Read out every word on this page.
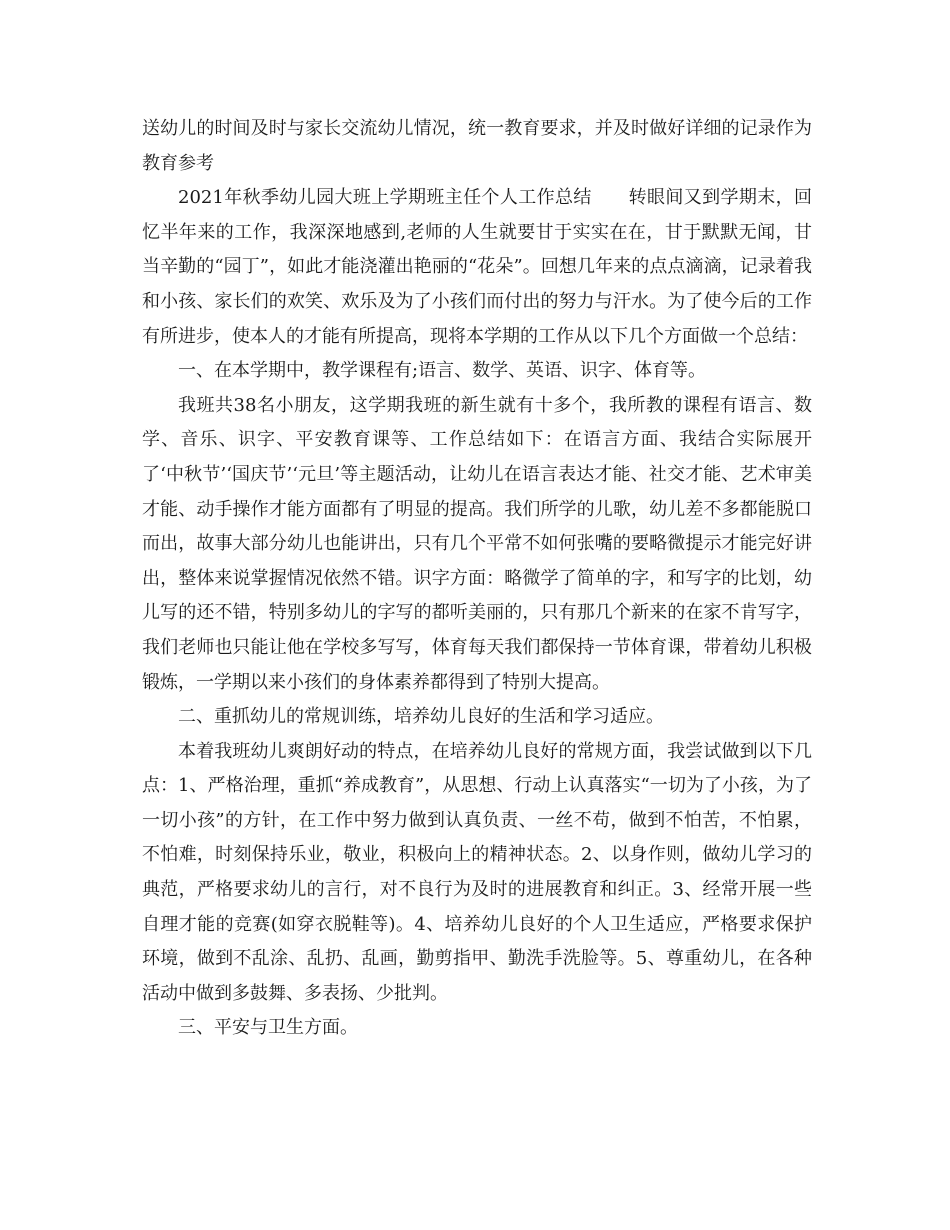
送幼儿的时间及时与家长交流幼儿情况，统一教育要求，并及时做好详细的记录作为教育参考

2021年秋季幼儿园大班上学期班主任个人工作总结　　转眼间又到学期末，回忆半年来的工作，我深深地感到,老师的人生就要甘于实实在在，甘于默默无闻，甘当辛勤的“园丁”，如此才能浇灌出艳丽的“花朵”。回想几年来的点点滴滴，记录着我和小孩、家长们的欢笑、欢乐及为了小孩们而付出的努力与汗水。为了使今后的工作有所进步，使本人的才能有所提高，现将本学期的工作从以下几个方面做一个总结：

一、在本学期中，教学课程有;语言、数学、英语、识字、体育等。

我班共38名小朋友，这学期我班的新生就有十多个，我所教的课程有语言、数学、音乐、识字、平安教育课等、工作总结如下：在语言方面、我结合实际展开了‘中秋节’‘国庆节’‘元旦’等主题活动，让幼儿在语言表达才能、社交才能、艺术审美才能、动手操作才能方面都有了明显的提高。我们所学的儿歌，幼儿差不多都能脱口而出，故事大部分幼儿也能讲出，只有几个平常不如何张嘴的要略微提示才能完好讲出，整体来说掌握情况依然不错。识字方面：略微学了简单的字，和写字的比划，幼儿写的还不错，特别多幼儿的字写的都听美丽的，只有那几个新来的在家不肯写字，我们老师也只能让他在学校多写写，体育每天我们都保持一节体育课，带着幼儿积极锻炼，一学期以来小孩们的身体素养都得到了特别大提高。

二、重抓幼儿的常规训练，培养幼儿良好的生活和学习适应。

本着我班幼儿爽朗好动的特点，在培养幼儿良好的常规方面，我尝试做到以下几点：1、严格治理，重抓“养成教育”，从思想、行动上认真落实“一切为了小孩，为了一切小孩”的方针，在工作中努力做到认真负责、一丝不苟，做到不怕苦，不怕累，不怕难，时刻保持乐业，敬业，积极向上的精神状态。2、以身作则，做幼儿学习的典范，严格要求幼儿的言行，对不良行为及时的进展教育和纠正。3、经常开展一些自理才能的竞赛(如穿衣脱鞋等)。4、培养幼儿良好的个人卫生适应，严格要求保护环境，做到不乱涂、乱扔、乱画，勤剪指甲、勤洗手洗脸等。5、尊重幼儿，在各种活动中做到多鼓舞、多表扬、少批判。

三、平安与卫生方面。
